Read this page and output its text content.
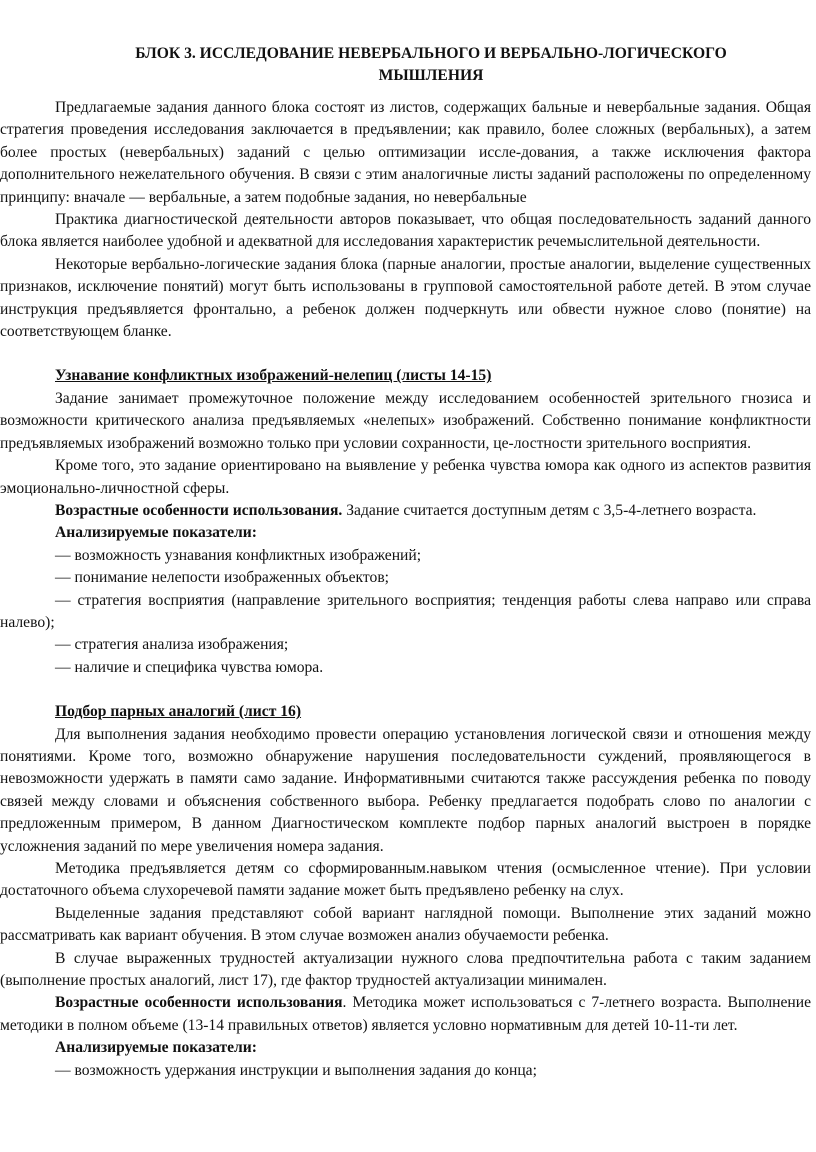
БЛОК 3. ИССЛЕДОВАНИЕ НЕВЕРБАЛЬНОГО И ВЕРБАЛЬНО-ЛОГИЧЕСКОГО
МЫШЛЕНИЯ

Предлагаемые задания данного блока состоят из листов, содержащих бальные и невербальные задания. Общая стратегия проведения исследования заключается в предъявлении; как правило, более сложных (вербальных), а затем более простых (невербальных) заданий с целью оптимизации иссле-дования, а также исключения фактора дополнительного нежелательного обучения. В связи с этим аналогичные листы заданий расположены по определенному принципу: вначале — вербальные, а затем подобные задания, но невербальные

Практика диагностической деятельности авторов показывает, что общая последовательность заданий данного блока является наиболее удобной и адекватной для исследования характеристик речемыслительной деятельности.

Некоторые вербально-логические задания блока (парные аналогии, простые аналогии, выделение существенных признаков, исключение понятий) могут быть использованы в групповой самостоятельной работе детей. В этом случае инструкция предъявляется фронтально, а ребенок должен подчеркнуть или обвести нужное слово (понятие) на соответствующем бланке.

Узнавание конфликтных изображений-нелепиц (листы 14-15)

Задание занимает промежуточное положение между исследованием особенностей зрительного гнозиса и возможности критического анализа предъявляемых «нелепых» изображений. Собственно понимание конфликтности предъявляемых изображений возможно только при условии сохранности, це-лостности зрительного восприятия.

Кроме того, это задание ориентировано на выявление у ребенка чувства юмора как одного из аспектов развития эмоционально-личностной сферы.

Возрастные особенности использования. Задание считается доступным детям с 3,5-4-летнего возраста.

Анализируемые показатели:

— возможность узнавания конфликтных изображений;

— понимание нелепости изображенных объектов;

— стратегия восприятия (направление зрительного восприятия; тенденция работы слева направо или справа налево);

— стратегия анализа изображения;

— наличие и специфика чувства юмора.

Подбор парных аналогий (лист 16)

Для выполнения задания необходимо провести операцию установления логической связи и отношения между понятиями. Кроме того, возможно обнаружение нарушения последовательности суждений, проявляющегося в невозможности удержать в памяти само задание. Информативными считаются также рассуждения ребенка по поводу связей между словами и объяснения собственного выбора. Ребенку предлагается подобрать слово по аналогии с предложенным примером, В данном Диагностическом комплекте подбор парных аналогий выстроен в порядке усложнения заданий по мере увеличения номера задания.

Методика предъявляется детям со сформированным.навыком чтения (осмысленное чтение). При условии достаточного объема слухоречевой памяти задание может быть предъявлено ребенку на слух.

Выделенные задания представляют собой вариант наглядной помощи. Выполнение этих заданий можно рассматривать как вариант обучения. В этом случае возможен анализ обучаемости ребенка.

В случае выраженных трудностей актуализации нужного слова предпочтительна работа с таким заданием (выполнение простых аналогий, лист 17), где фактор трудностей актуализации минимален.

Возрастные особенности использования. Методика может использоваться с 7-летнего возраста. Выполнение методики в полном объеме (13-14 правильных ответов) является условно нормативным для детей 10-11-ти лет.

Анализируемые показатели:

— возможность удержания инструкции и выполнения задания до конца;
